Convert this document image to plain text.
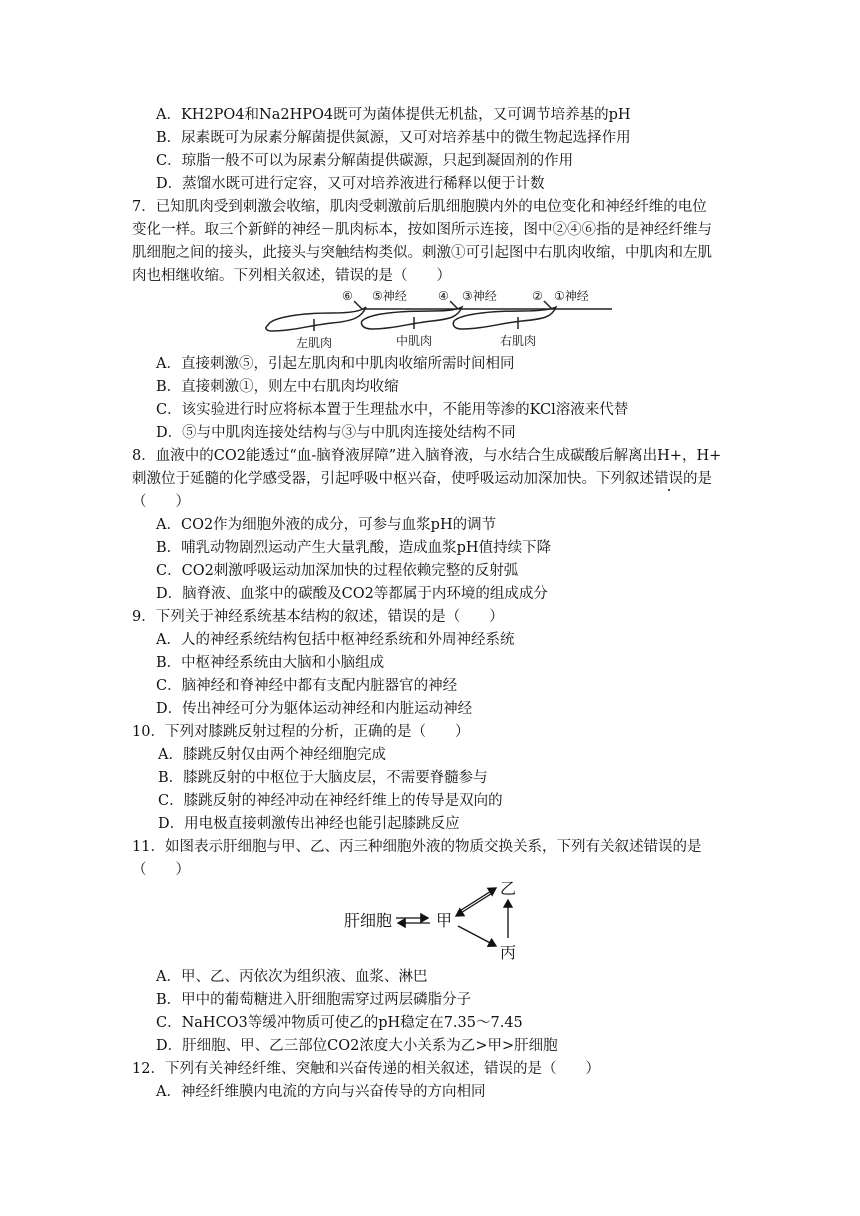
A．KH2PO4和Na2HPO4既可为菌体提供无机盐，又可调节培养基的pH
B．尿素既可为尿素分解菌提供氮源，又可对培养基中的微生物起选择作用
C．琼脂一般不可以为尿素分解菌提供碳源，只起到凝固剂的作用
D．蒸馏水既可进行定容，又可对培养液进行稀释以便于计数
7．已知肌肉受到刺激会收缩，肌肉受刺激前后肌细胞膜内外的电位变化和神经纤维的电位
变化一样。取三个新鲜的神经－肌肉标本，按如图所示连接，图中②④⑥指的是神经纤维与
肌细胞之间的接头，此接头与突触结构类似。刺激①可引起图中右肌肉收缩，中肌肉和左肌
肉也相继收缩。下列相关叙述，错误的是（　　）
⑥ ⑤神经	④ ③神经	② ①神经
左肌肉	中肌肉	右肌肉
A．直接刺激⑤，引起左肌肉和中肌肉收缩所需时间相同
B．直接刺激①，则左中右肌肉均收缩
C．该实验进行时应将标本置于生理盐水中，不能用等渗的KCl溶液来代替
D．⑤与中肌肉连接处结构与③与中肌肉连接处结构不同
8．血液中的CO2能透过“血-脑脊液屏障”进入脑脊液，与水结合生成碳酸后解离出H+，H+
刺激位于延髓的化学感受器，引起呼吸中枢兴奋，使呼吸运动加深加快。下列叙述错误的是
（　　）
A．CO2作为细胞外液的成分，可参与血浆pH的调节
B．哺乳动物剧烈运动产生大量乳酸，造成血浆pH值持续下降
C．CO2刺激呼吸运动加深加快的过程依赖完整的反射弧
D．脑脊液、血浆中的碳酸及CO2等都属于内环境的组成成分
9．下列关于神经系统基本结构的叙述，错误的是（　　）
A．人的神经系统结构包括中枢神经系统和外周神经系统
B．中枢神经系统由大脑和小脑组成
C．脑神经和脊神经中都有支配内脏器官的神经
D．传出神经可分为躯体运动神经和内脏运动神经
10．下列对膝跳反射过程的分析，正确的是（　　）
A．膝跳反射仅由两个神经细胞完成
B．膝跳反射的中枢位于大脑皮层，不需要脊髓参与
C．膝跳反射的神经冲动在神经纤维上的传导是双向的
D．用电极直接刺激传出神经也能引起膝跳反应
11．如图表示肝细胞与甲、乙、丙三种细胞外液的物质交换关系，下列有关叙述错误的是
（　　）
肝细胞	甲
乙
丙
A．甲、乙、丙依次为组织液、血浆、淋巴
B．甲中的葡萄糖进入肝细胞需穿过两层磷脂分子
C．NaHCO3等缓冲物质可使乙的pH稳定在7.35～7.45
D．肝细胞、甲、乙三部位CO2浓度大小关系为乙>甲>肝细胞
12．下列有关神经纤维、突触和兴奋传递的相关叙述，错误的是（　　）
A．神经纤维膜内电流的方向与兴奋传导的方向相同
